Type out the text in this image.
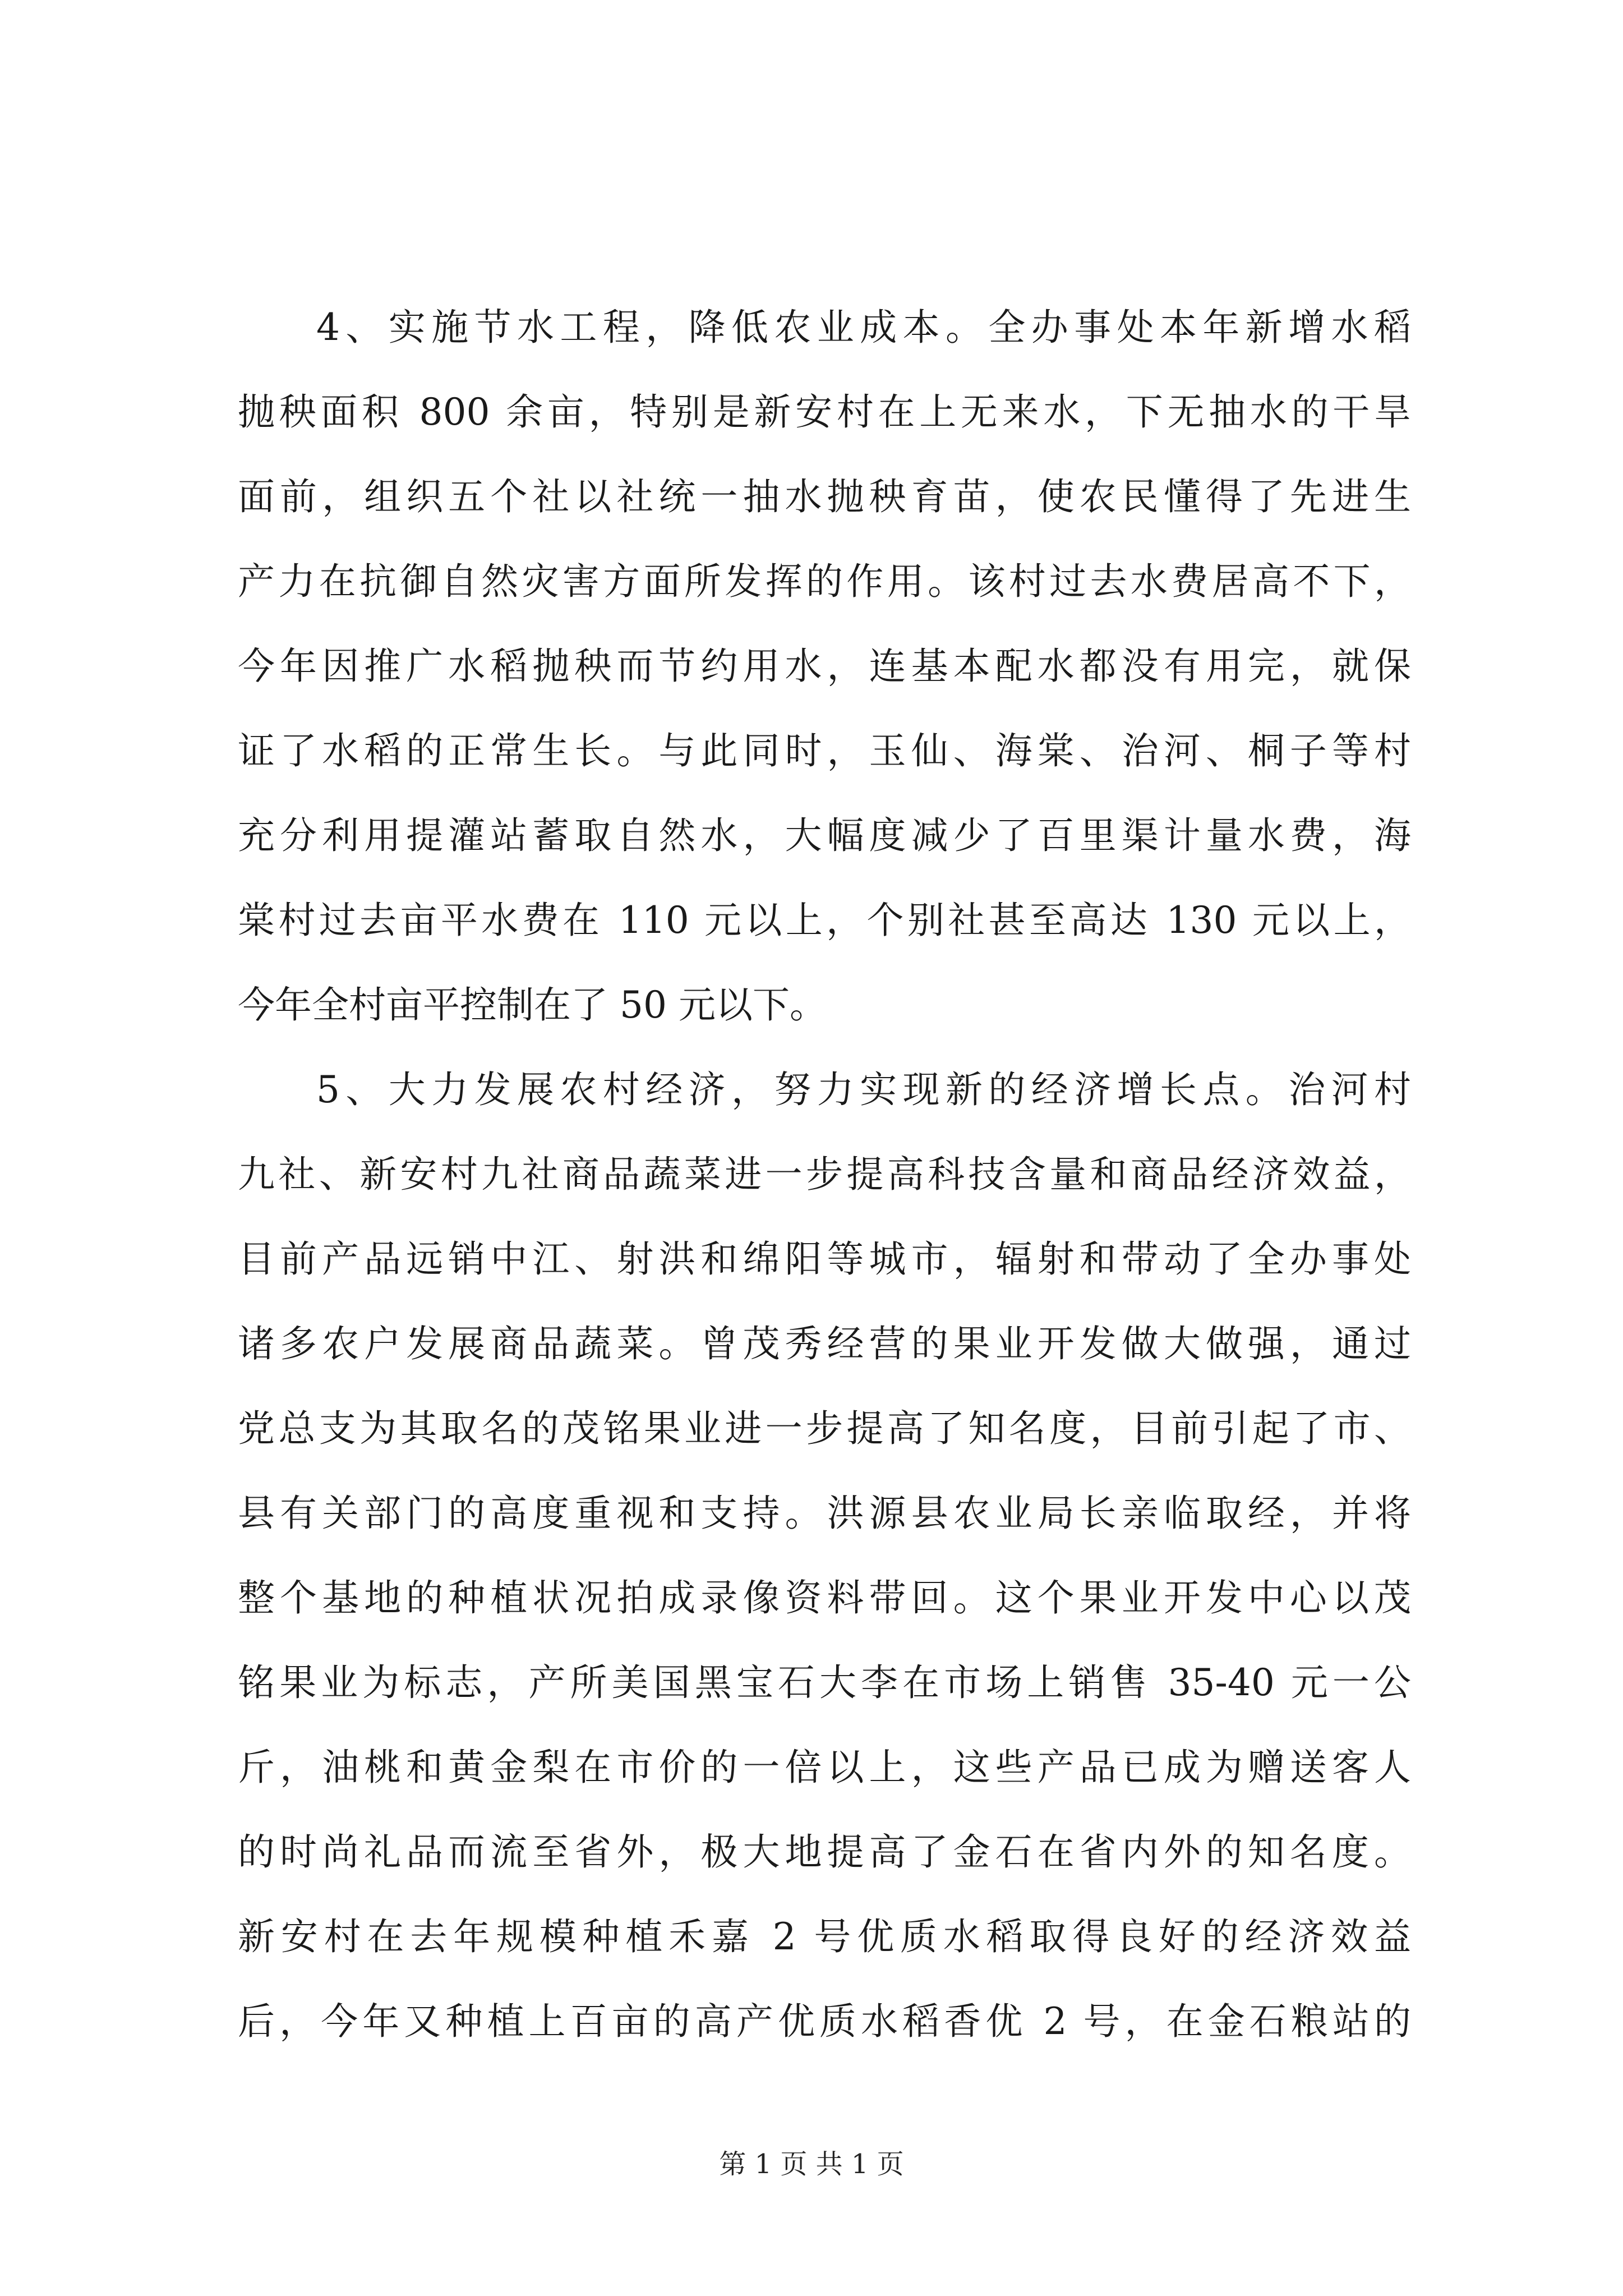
4、实施节水工程，降低农业成本。全办事处本年新增水稻
抛秧面积 800 余亩，特别是新安村在上无来水，下无抽水的干旱
面前，组织五个社以社统一抽水抛秧育苗，使农民懂得了先进生
产力在抗御自然灾害方面所发挥的作用。该村过去水费居高不下，
今年因推广水稻抛秧而节约用水，连基本配水都没有用完，就保
证了水稻的正常生长。与此同时，玉仙、海棠、治河、桐子等村
充分利用提灌站蓄取自然水，大幅度减少了百里渠计量水费，海
棠村过去亩平水费在 110 元以上，个别社甚至高达 130 元以上，
今年全村亩平控制在了 50 元以下。
5、大力发展农村经济，努力实现新的经济增长点。治河村
九社、新安村九社商品蔬菜进一步提高科技含量和商品经济效益，
目前产品远销中江、射洪和绵阳等城市，辐射和带动了全办事处
诸多农户发展商品蔬菜。曾茂秀经营的果业开发做大做强，通过
党总支为其取名的茂铭果业进一步提高了知名度，目前引起了市、
县有关部门的高度重视和支持。洪源县农业局长亲临取经，并将
整个基地的种植状况拍成录像资料带回。这个果业开发中心以茂
铭果业为标志，产所美国黑宝石大李在市场上销售 35-40 元一公
斤，油桃和黄金梨在市价的一倍以上，这些产品已成为赠送客人
的时尚礼品而流至省外，极大地提高了金石在省内外的知名度。
新安村在去年规模种植禾嘉 2 号优质水稻取得良好的经济效益
后，今年又种植上百亩的高产优质水稻香优 2 号，在金石粮站的
第 1 页 共 1 页
